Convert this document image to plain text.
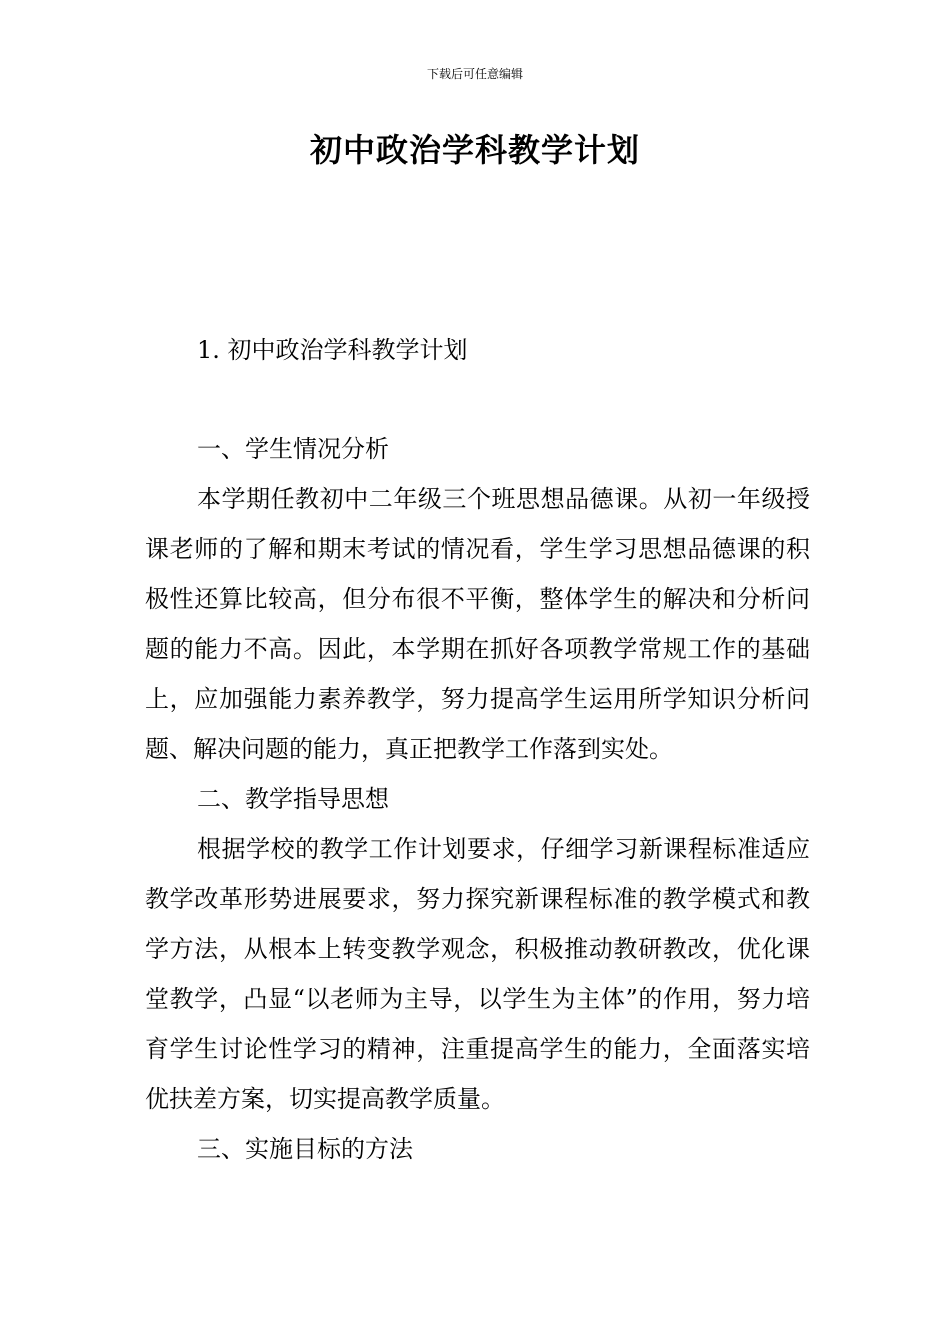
下载后可任意编辑
初中政治学科教学计划
1. 初中政治学科教学计划
一、学生情况分析

本学期任教初中二年级三个班思想品德课。从初一年级授课老师的了解和期末考试的情况看，学生学习思想品德课的积极性还算比较高，但分布很不平衡，整体学生的解决和分析问题的能力不高。因此，本学期在抓好各项教学常规工作的基础上，应加强能力素养教学，努力提高学生运用所学知识分析问题、解决问题的能力，真正把教学工作落到实处。

二、教学指导思想

根据学校的教学工作计划要求，仔细学习新课程标准适应教学改革形势进展要求，努力探究新课程标准的教学模式和教学方法，从根本上转变教学观念，积极推动教研教改，优化课堂教学，凸显“以老师为主导，以学生为主体”的作用，努力培育学生讨论性学习的精神，注重提高学生的能力，全面落实培优扶差方案，切实提高教学质量。

三、实施目标的方法
